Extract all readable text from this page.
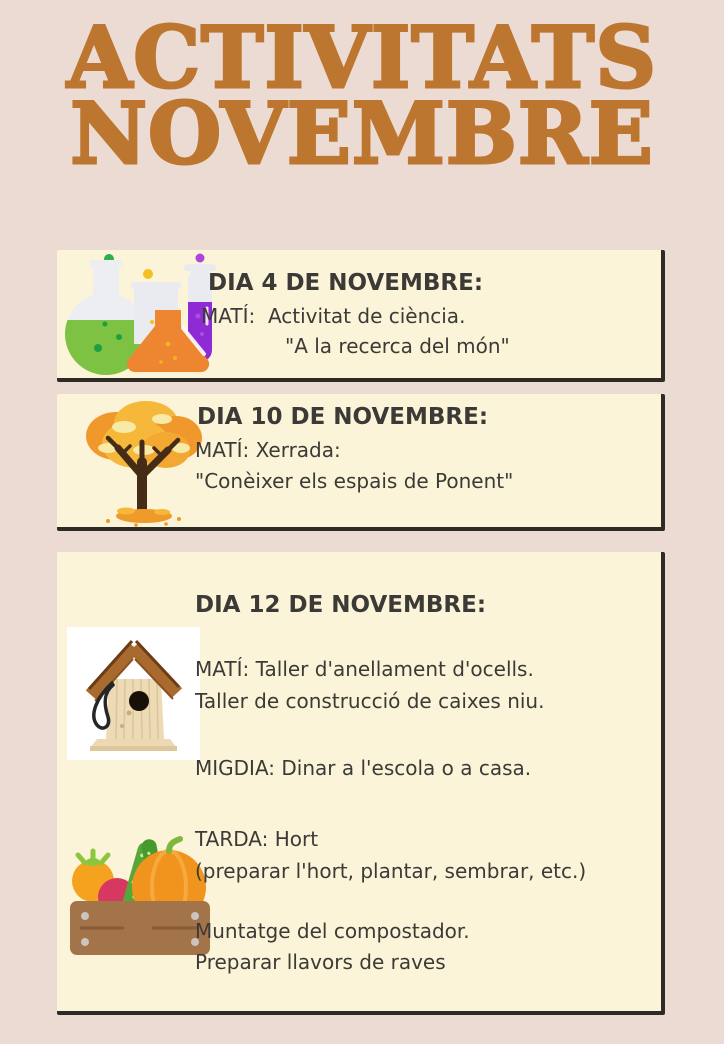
ACTIVITATS
NOVEMBRE
DIA 4 DE NOVEMBRE:
MATÍ:  Activitat de ciència.
"A la recerca del món"
DIA 10 DE NOVEMBRE:
MATÍ: Xerrada:
"Conèixer els espais de Ponent"
DIA 12 DE NOVEMBRE:
MATÍ: Taller d'anellament d'ocells.
Taller de construcció de caixes niu.
MIGDIA: Dinar a l'escola o a casa.
TARDA: Hort
(preparar l'hort, plantar, sembrar, etc.)
Muntatge del compostador.
Preparar llavors de raves
